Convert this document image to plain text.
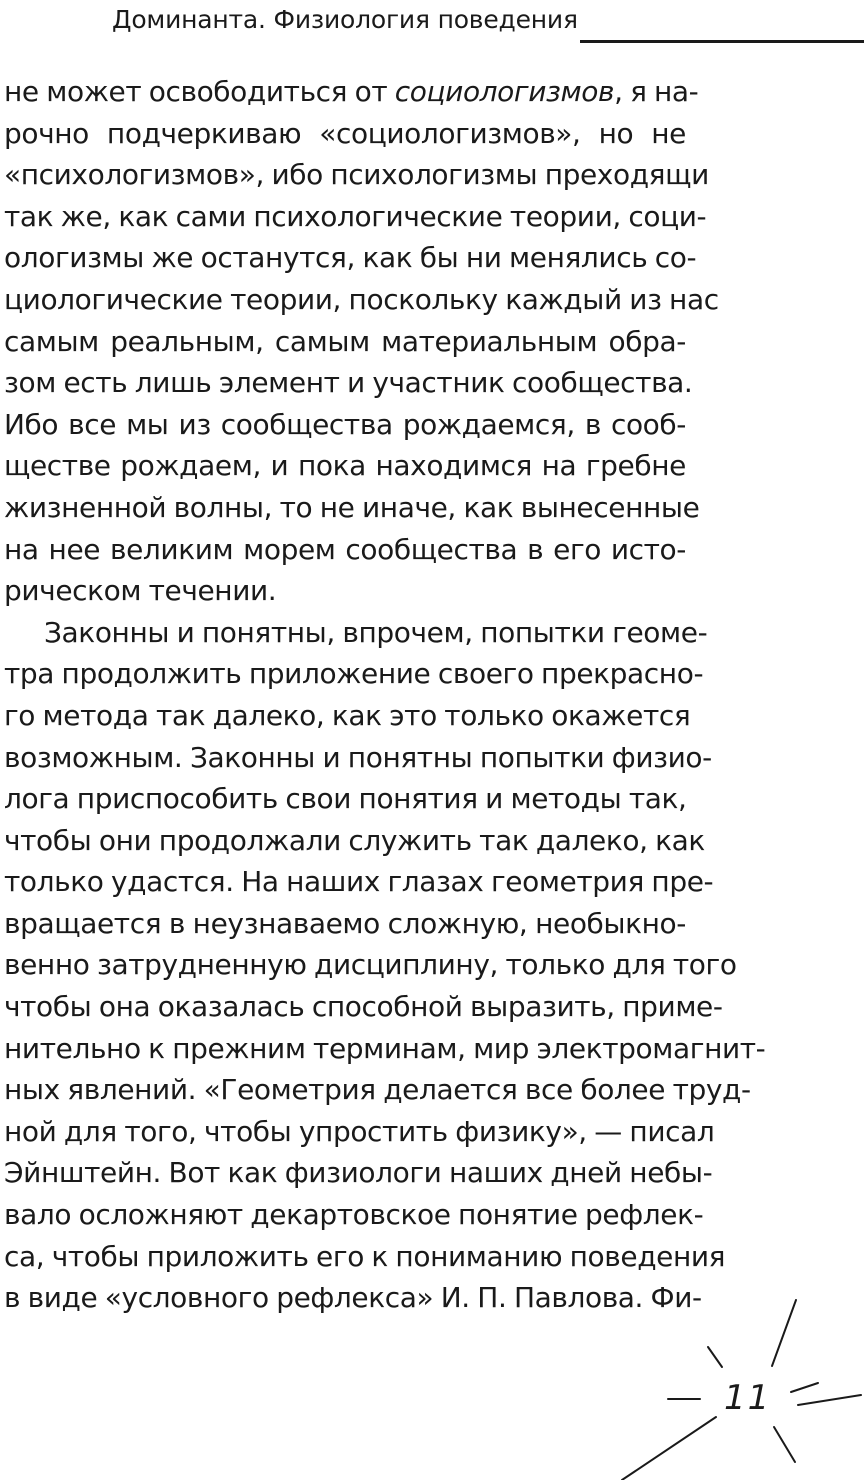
Доминанта. Физиология поведения
не может освободиться от социологизмов, я на-
рочно подчеркиваю «социологизмов», но не
«психологизмов», ибо психологизмы преходящи
так же, как сами психологические теории, соци-
ологизмы же останутся, как бы ни менялись со-
циологические теории, поскольку каждый из нас
самым реальным, самым материальным обра-
зом есть лишь элемент и участник сообщества.
Ибо все мы из сообщества рождаемся, в сооб-
ществе рождаем, и пока находимся на гребне
жизненной волны, то не иначе, как вынесенные
на нее великим морем сообщества в его исто-
рическом течении.
Законны и понятны, впрочем, попытки геоме-
тра продолжить приложение своего прекрасно-
го метода так далеко, как это только окажется
возможным. Законны и понятны попытки физио-
лога приспособить свои понятия и методы так,
чтобы они продолжали служить так далеко, как
только удастся. На наших глазах геометрия пре-
вращается в неузнаваемо сложную, необыкно-
венно затрудненную дисциплину, только для того
чтобы она оказалась способной выразить, приме-
нительно к прежним терминам, мир электромагнит-
ных явлений. «Геометрия делается все более труд-
ной для того, чтобы упростить физику», — писал
Эйнштейн. Вот как физиологи наших дней небы-
вало осложняют декартовское понятие рефлек-
са, чтобы приложить его к пониманию поведения
в виде «условного рефлекса» И. П. Павлова. Фи-
11
